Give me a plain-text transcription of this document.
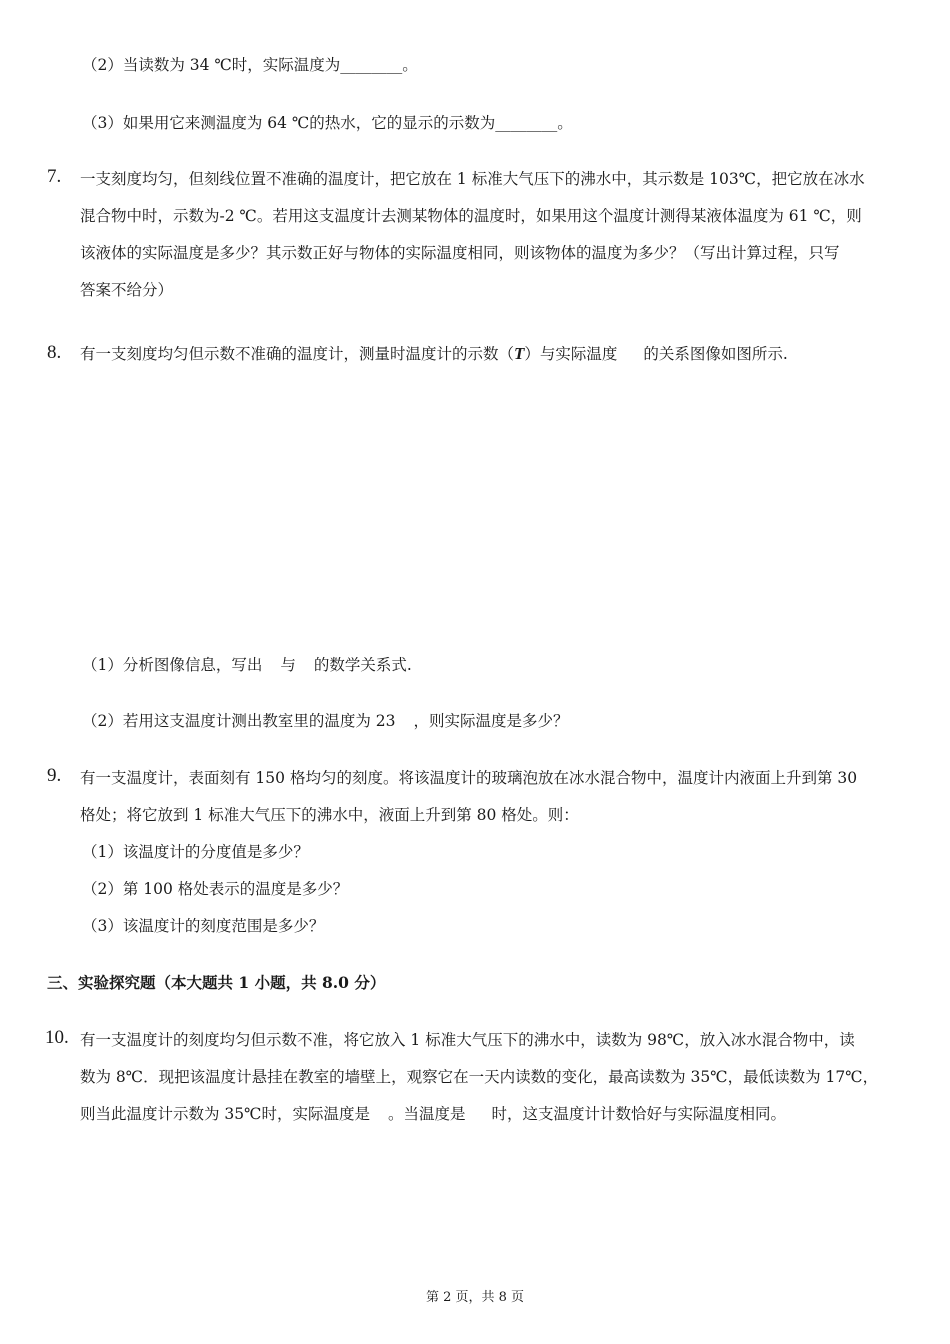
（2）当读数为 34 ℃时，实际温度为________。
（3）如果用它来测温度为 64 ℃的热水，它的显示的示数为________。
7. 一支刻度均匀，但刻线位置不准确的温度计，把它放在 1 标准大气压下的沸水中，其示数是 103℃，把它放在冰水
混合物中时，示数为-2 ℃。若用这支温度计去测某物体的温度时，如果用这个温度计测得某液体温度为 61 ℃，则
该液体的实际温度是多少？其示数正好与物体的实际温度相同，则该物体的温度为多少？（写出计算过程，只写
答案不给分）
8. 有一支刻度均匀但示数不准确的温度计，测量时温度计的示数（T）与实际温度 的关系图像如图所示.
（1）分析图像信息，写出 与 的数学关系式.
（2）若用这支温度计测出教室里的温度为 23 ，则实际温度是多少？
9. 有一支温度计，表面刻有 150 格均匀的刻度。将该温度计的玻璃泡放在冰水混合物中，温度计内液面上升到第 30
格处；将它放到 1 标准大气压下的沸水中，液面上升到第 80 格处。则：
（1）该温度计的分度值是多少？
（2）第 100 格处表示的温度是多少？
（3）该温度计的刻度范围是多少？
三、实验探究题（本大题共 1 小题，共 8.0 分）
10. 有一支温度计的刻度均匀但示数不准，将它放入 1 标准大气压下的沸水中，读数为 98℃，放入冰水混合物中，读
数为 8℃．现把该温度计悬挂在教室的墙壁上，观察它在一天内读数的变化，最高读数为 35℃，最低读数为 17℃，
则当此温度计示数为 35℃时，实际温度是 。当温度是 时，这支温度计计数恰好与实际温度相同。
第 2 页，共 8 页
